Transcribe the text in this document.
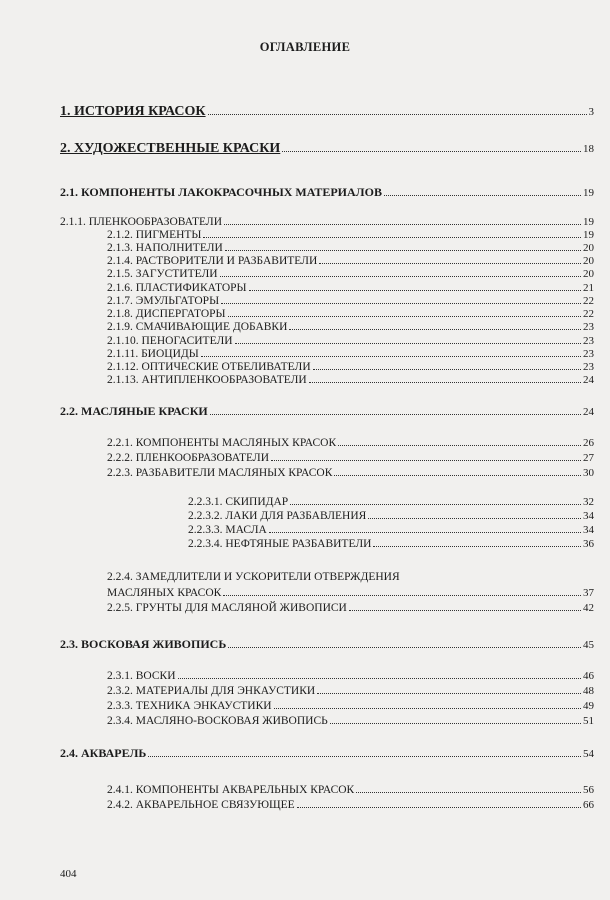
ОГЛАВЛЕНИЕ
1. ИСТОРИЯ КРАСОК	3
2. ХУДОЖЕСТВЕННЫЕ КРАСКИ	18
2.1. КОМПОНЕНТЫ ЛАКОКРАСОЧНЫХ МАТЕРИАЛОВ	19
2.1.1. ПЛЕНКООБРАЗОВАТЕЛИ	19
2.1.2. ПИГМЕНТЫ	19
2.1.3. НАПОЛНИТЕЛИ	20
2.1.4. РАСТВОРИТЕЛИ И РАЗБАВИТЕЛИ	20
2.1.5. ЗАГУСТИТЕЛИ	20
2.1.6. ПЛАСТИФИКАТОРЫ	21
2.1.7. ЭМУЛЬГАТОРЫ	22
2.1.8. ДИСПЕРГАТОРЫ	22
2.1.9. СМАЧИВАЮЩИЕ ДОБАВКИ	23
2.1.10. ПЕНОГАСИТЕЛИ	23
2.1.11. БИОЦИДЫ	23
2.1.12. ОПТИЧЕСКИЕ ОТБЕЛИВАТЕЛИ	23
2.1.13. АНТИПЛЕНКООБРАЗОВАТЕЛИ	24
2.2. МАСЛЯНЫЕ КРАСКИ	24
2.2.1. КОМПОНЕНТЫ МАСЛЯНЫХ КРАСОК	26
2.2.2. ПЛЕНКООБРАЗОВАТЕЛИ	27
2.2.3. РАЗБАВИТЕЛИ МАСЛЯНЫХ КРАСОК	30
2.2.3.1. СКИПИДАР	32
2.2.3.2. ЛАКИ ДЛЯ РАЗБАВЛЕНИЯ	34
2.2.3.3. МАСЛА	34
2.2.3.4. НЕФТЯНЫЕ РАЗБАВИТЕЛИ	36
2.2.4. ЗАМЕДЛИТЕЛИ И УСКОРИТЕЛИ ОТВЕРЖДЕНИЯ
МАСЛЯНЫХ КРАСОК	37
2.2.5. ГРУНТЫ ДЛЯ МАСЛЯНОЙ ЖИВОПИСИ	42
2.3. ВОСКОВАЯ ЖИВОПИСЬ	45
2.3.1. ВОСКИ	46
2.3.2. МАТЕРИАЛЫ ДЛЯ ЭНКАУСТИКИ	48
2.3.3. ТЕХНИКА ЭНКАУСТИКИ	49
2.3.4. МАСЛЯНО-ВОСКОВАЯ ЖИВОПИСЬ	51
2.4. АКВАРЕЛЬ	54
2.4.1. КОМПОНЕНТЫ АКВАРЕЛЬНЫХ КРАСОК	56
2.4.2. АКВАРЕЛЬНОЕ СВЯЗУЮЩЕЕ	66
404
